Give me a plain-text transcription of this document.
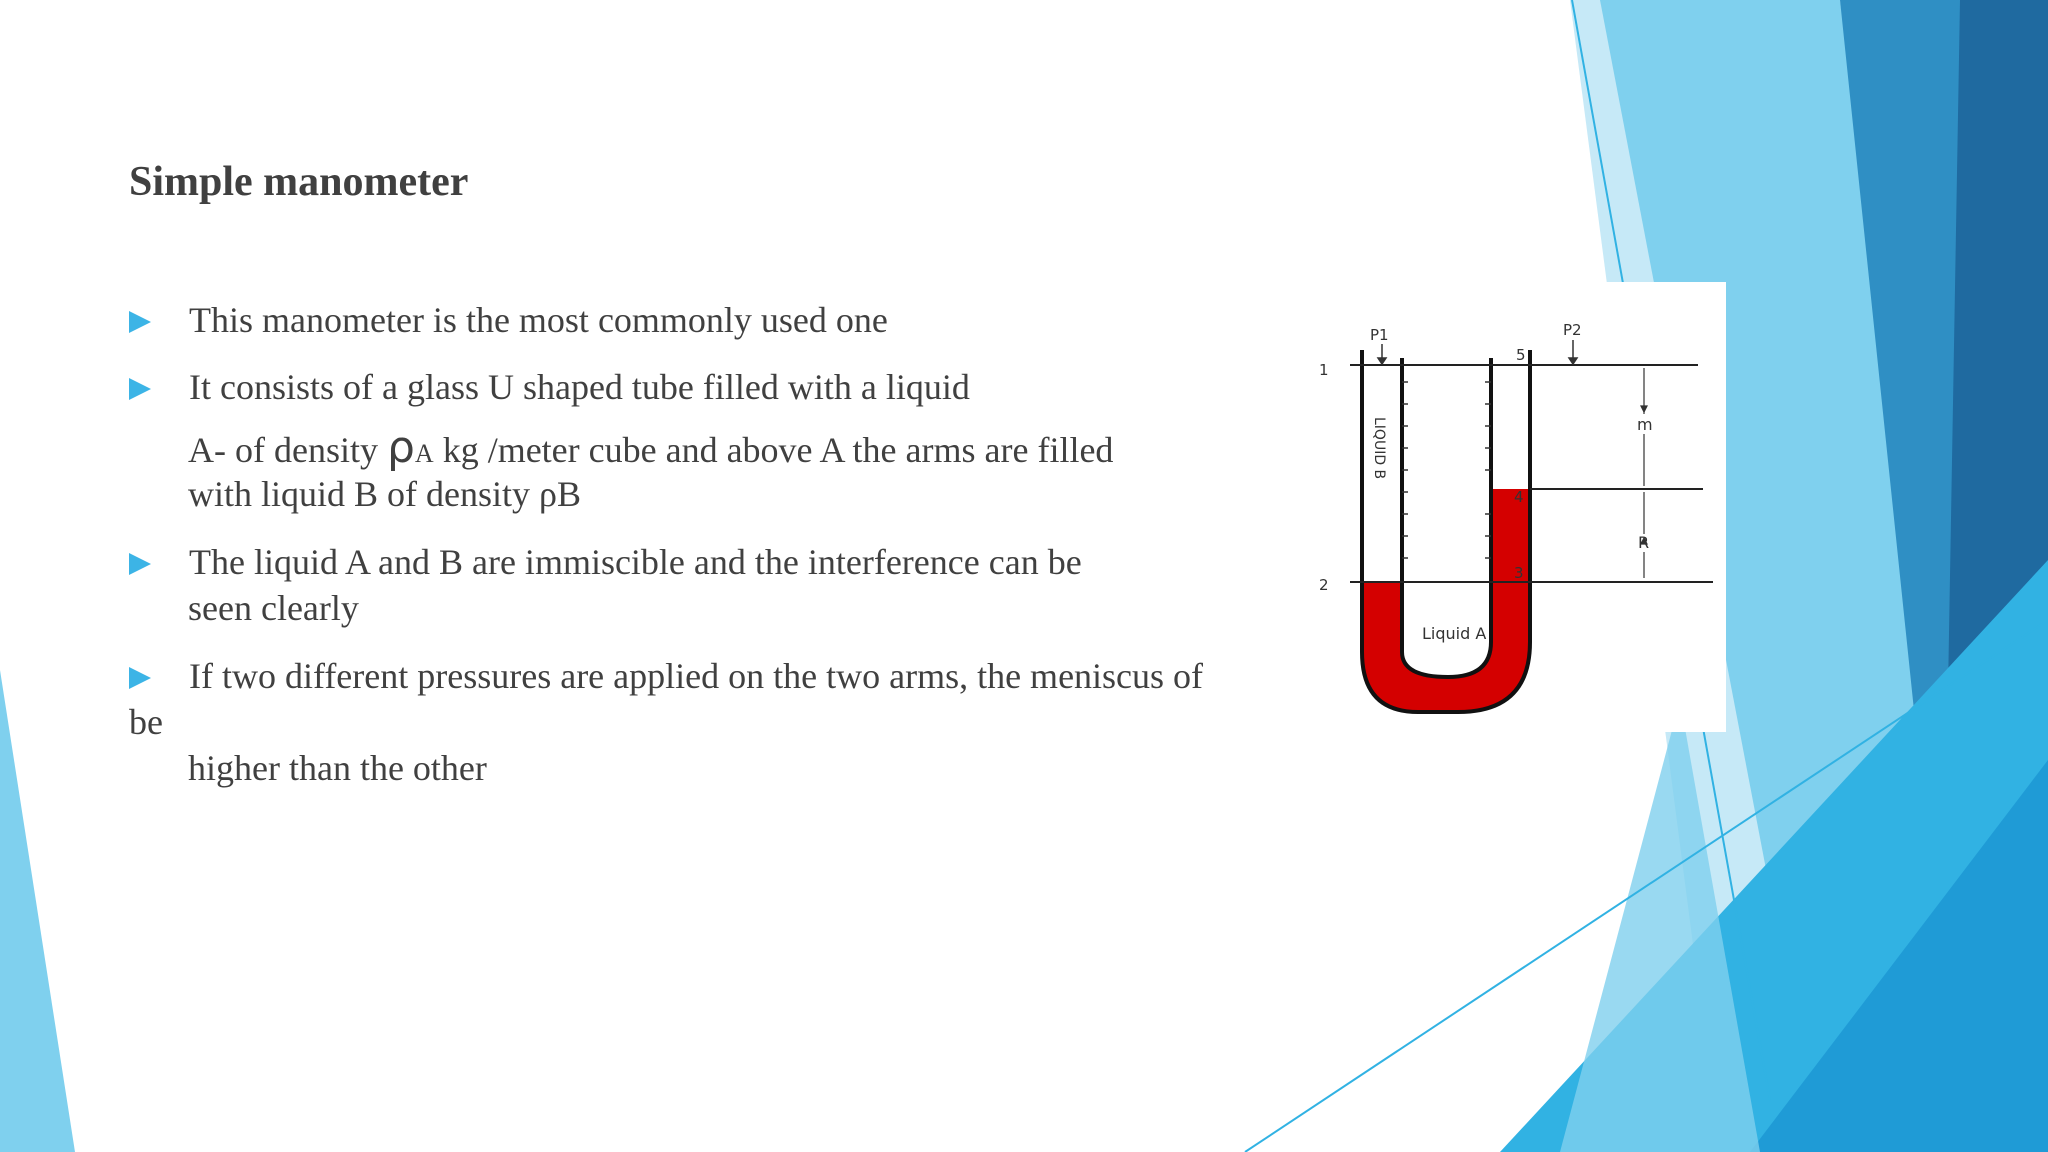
Simple manometer
This manometer is the most commonly used one
It consists of a glass U shaped tube filled with a liquid
A- of density ρA kg /meter cube and above A the arms are filled
with liquid B of density ρB
The liquid A and B are immiscible and the interference can be
seen clearly
If two different pressures are applied on the two arms, the meniscus of
be
higher than the other
P1	P2
1
2
3
4
5
m
R
LIQUID B
Liquid A
